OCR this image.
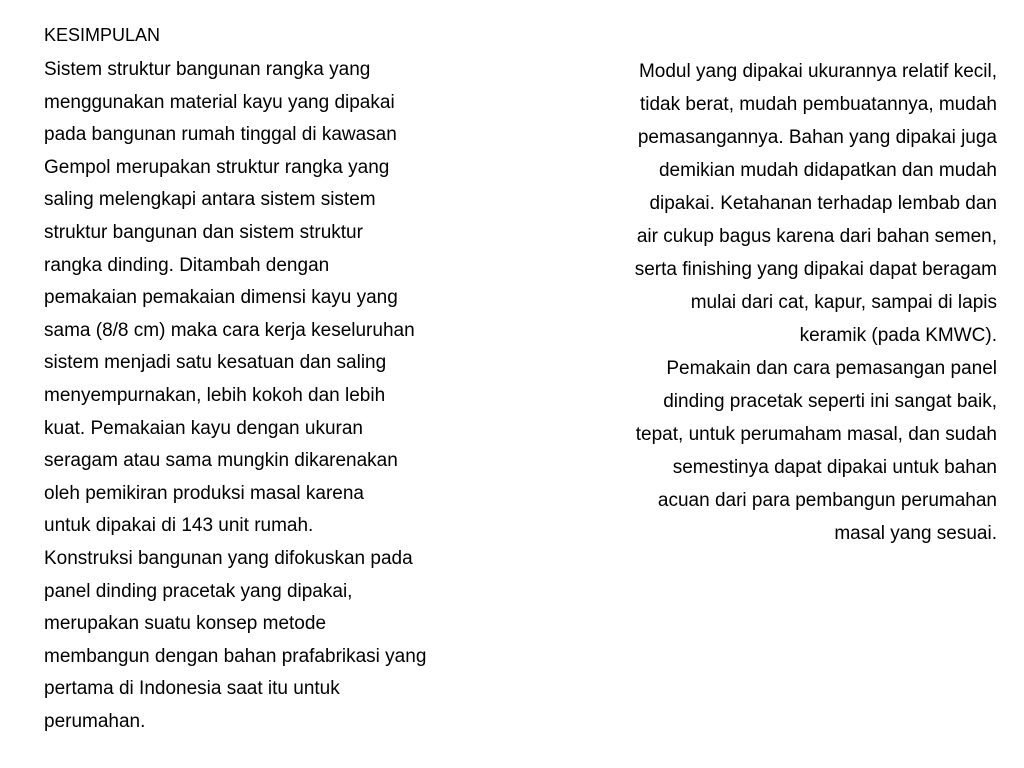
KESIMPULAN
Sistem struktur bangunan rangka yang
menggunakan material kayu yang dipakai
pada bangunan rumah tinggal di kawasan
Gempol merupakan struktur rangka yang
saling melengkapi antara sistem sistem
struktur bangunan dan sistem struktur
rangka dinding. Ditambah dengan
pemakaian pemakaian dimensi kayu yang
sama (8/8 cm) maka cara kerja keseluruhan
sistem menjadi satu kesatuan dan saling
menyempurnakan, lebih kokoh dan lebih
kuat. Pemakaian kayu dengan ukuran
seragam atau sama mungkin dikarenakan
oleh pemikiran produksi masal karena
untuk dipakai di 143 unit rumah.
Konstruksi bangunan yang difokuskan pada
panel dinding pracetak yang dipakai,
merupakan suatu konsep metode
membangun dengan bahan prafabrikasi yang
pertama di Indonesia saat itu untuk
perumahan.
Modul yang dipakai ukurannya relatif kecil,
tidak berat, mudah pembuatannya, mudah
pemasangannya. Bahan yang dipakai juga
demikian mudah didapatkan dan mudah
dipakai. Ketahanan terhadap lembab dan
air cukup bagus karena dari bahan semen,
serta finishing yang dipakai dapat beragam
mulai dari cat, kapur, sampai di lapis
keramik (pada KMWC).
Pemakain dan cara pemasangan panel
dinding pracetak seperti ini sangat baik,
tepat, untuk perumaham masal, dan sudah
semestinya dapat dipakai untuk bahan
acuan dari para pembangun perumahan
masal yang sesuai.
